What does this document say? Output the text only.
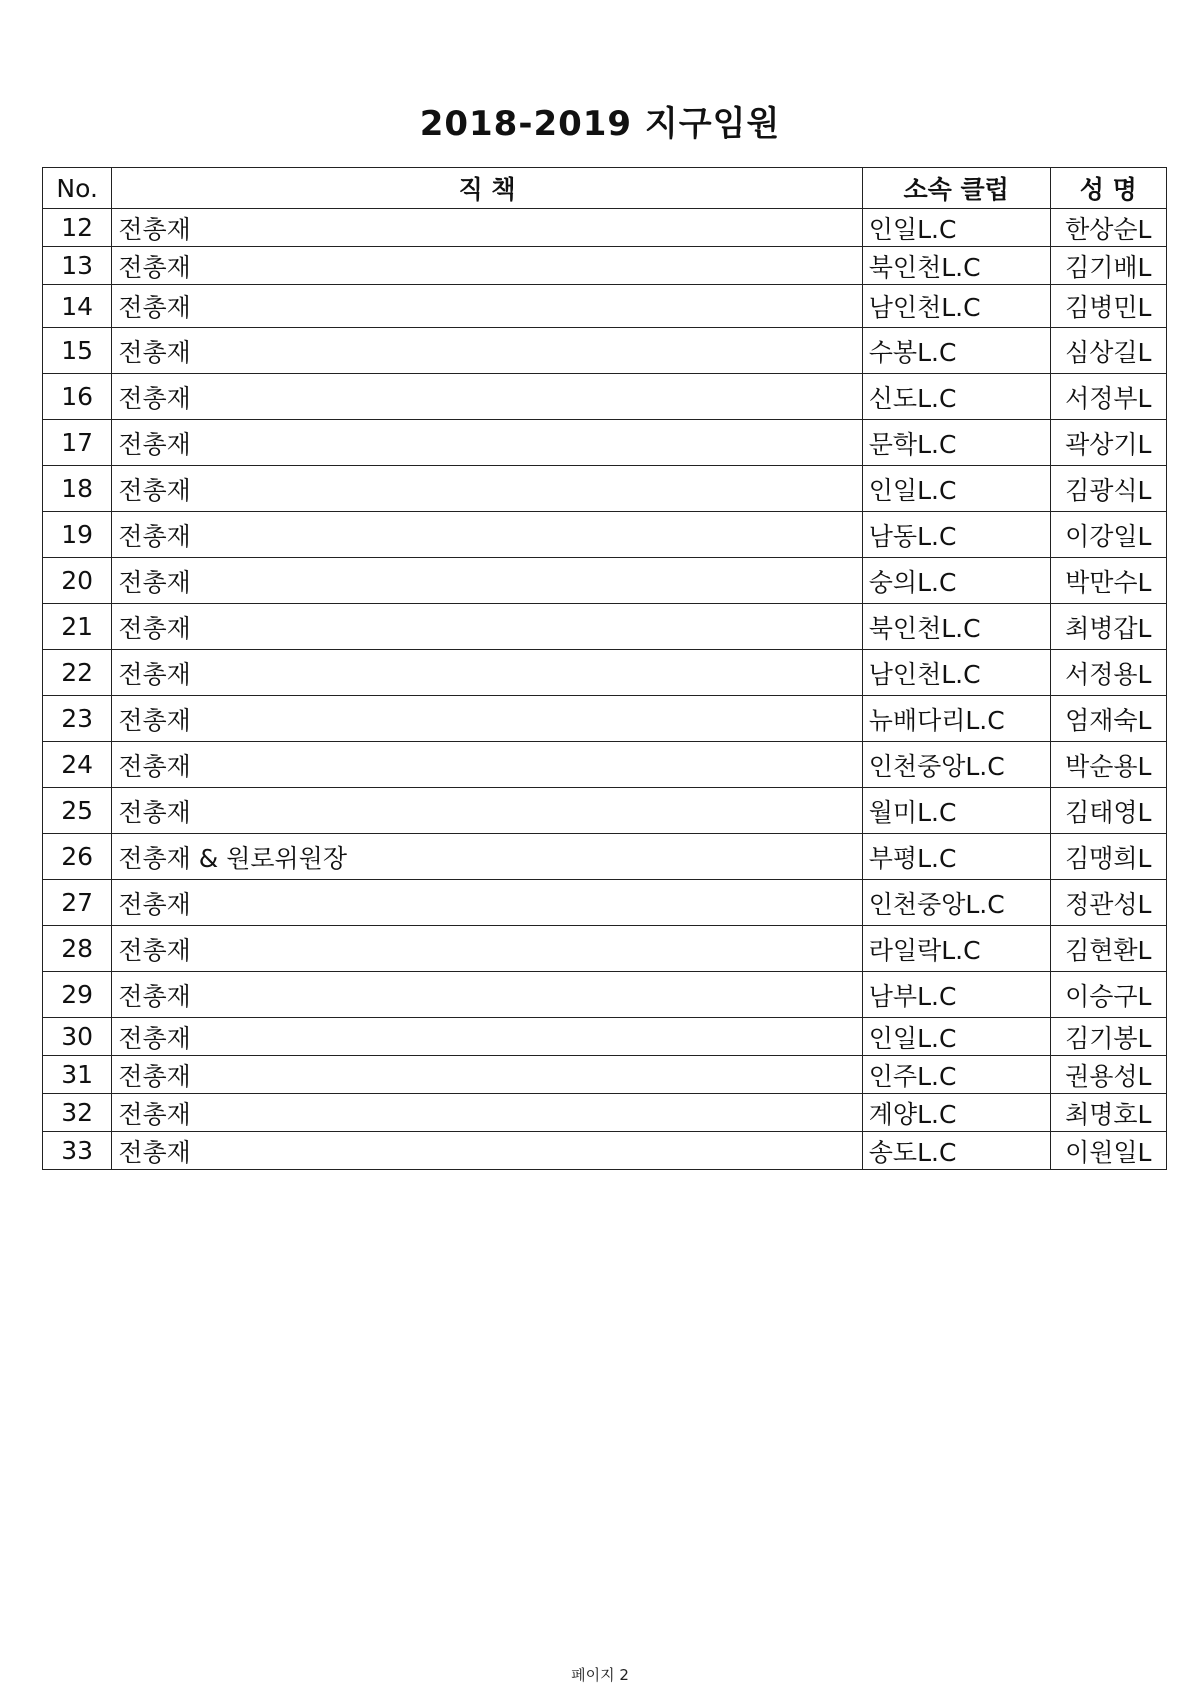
2018-2019 지구임원
No.	직 책	소속 클럽	성 명
12	전총재	인일L.C	한상순L
13	전총재	북인천L.C	김기배L
14	전총재	남인천L.C	김병민L
15	전총재	수봉L.C	심상길L
16	전총재	신도L.C	서정부L
17	전총재	문학L.C	곽상기L
18	전총재	인일L.C	김광식L
19	전총재	남동L.C	이강일L
20	전총재	숭의L.C	박만수L
21	전총재	북인천L.C	최병갑L
22	전총재	남인천L.C	서정용L
23	전총재	뉴배다리L.C	엄재숙L
24	전총재	인천중앙L.C	박순용L
25	전총재	월미L.C	김태영L
26	전총재 & 원로위원장	부평L.C	김맹희L
27	전총재	인천중앙L.C	정관성L
28	전총재	라일락L.C	김현환L
29	전총재	남부L.C	이승구L
30	전총재	인일L.C	김기봉L
31	전총재	인주L.C	권용성L
32	전총재	계양L.C	최명호L
33	전총재	송도L.C	이원일L
페이지 2
